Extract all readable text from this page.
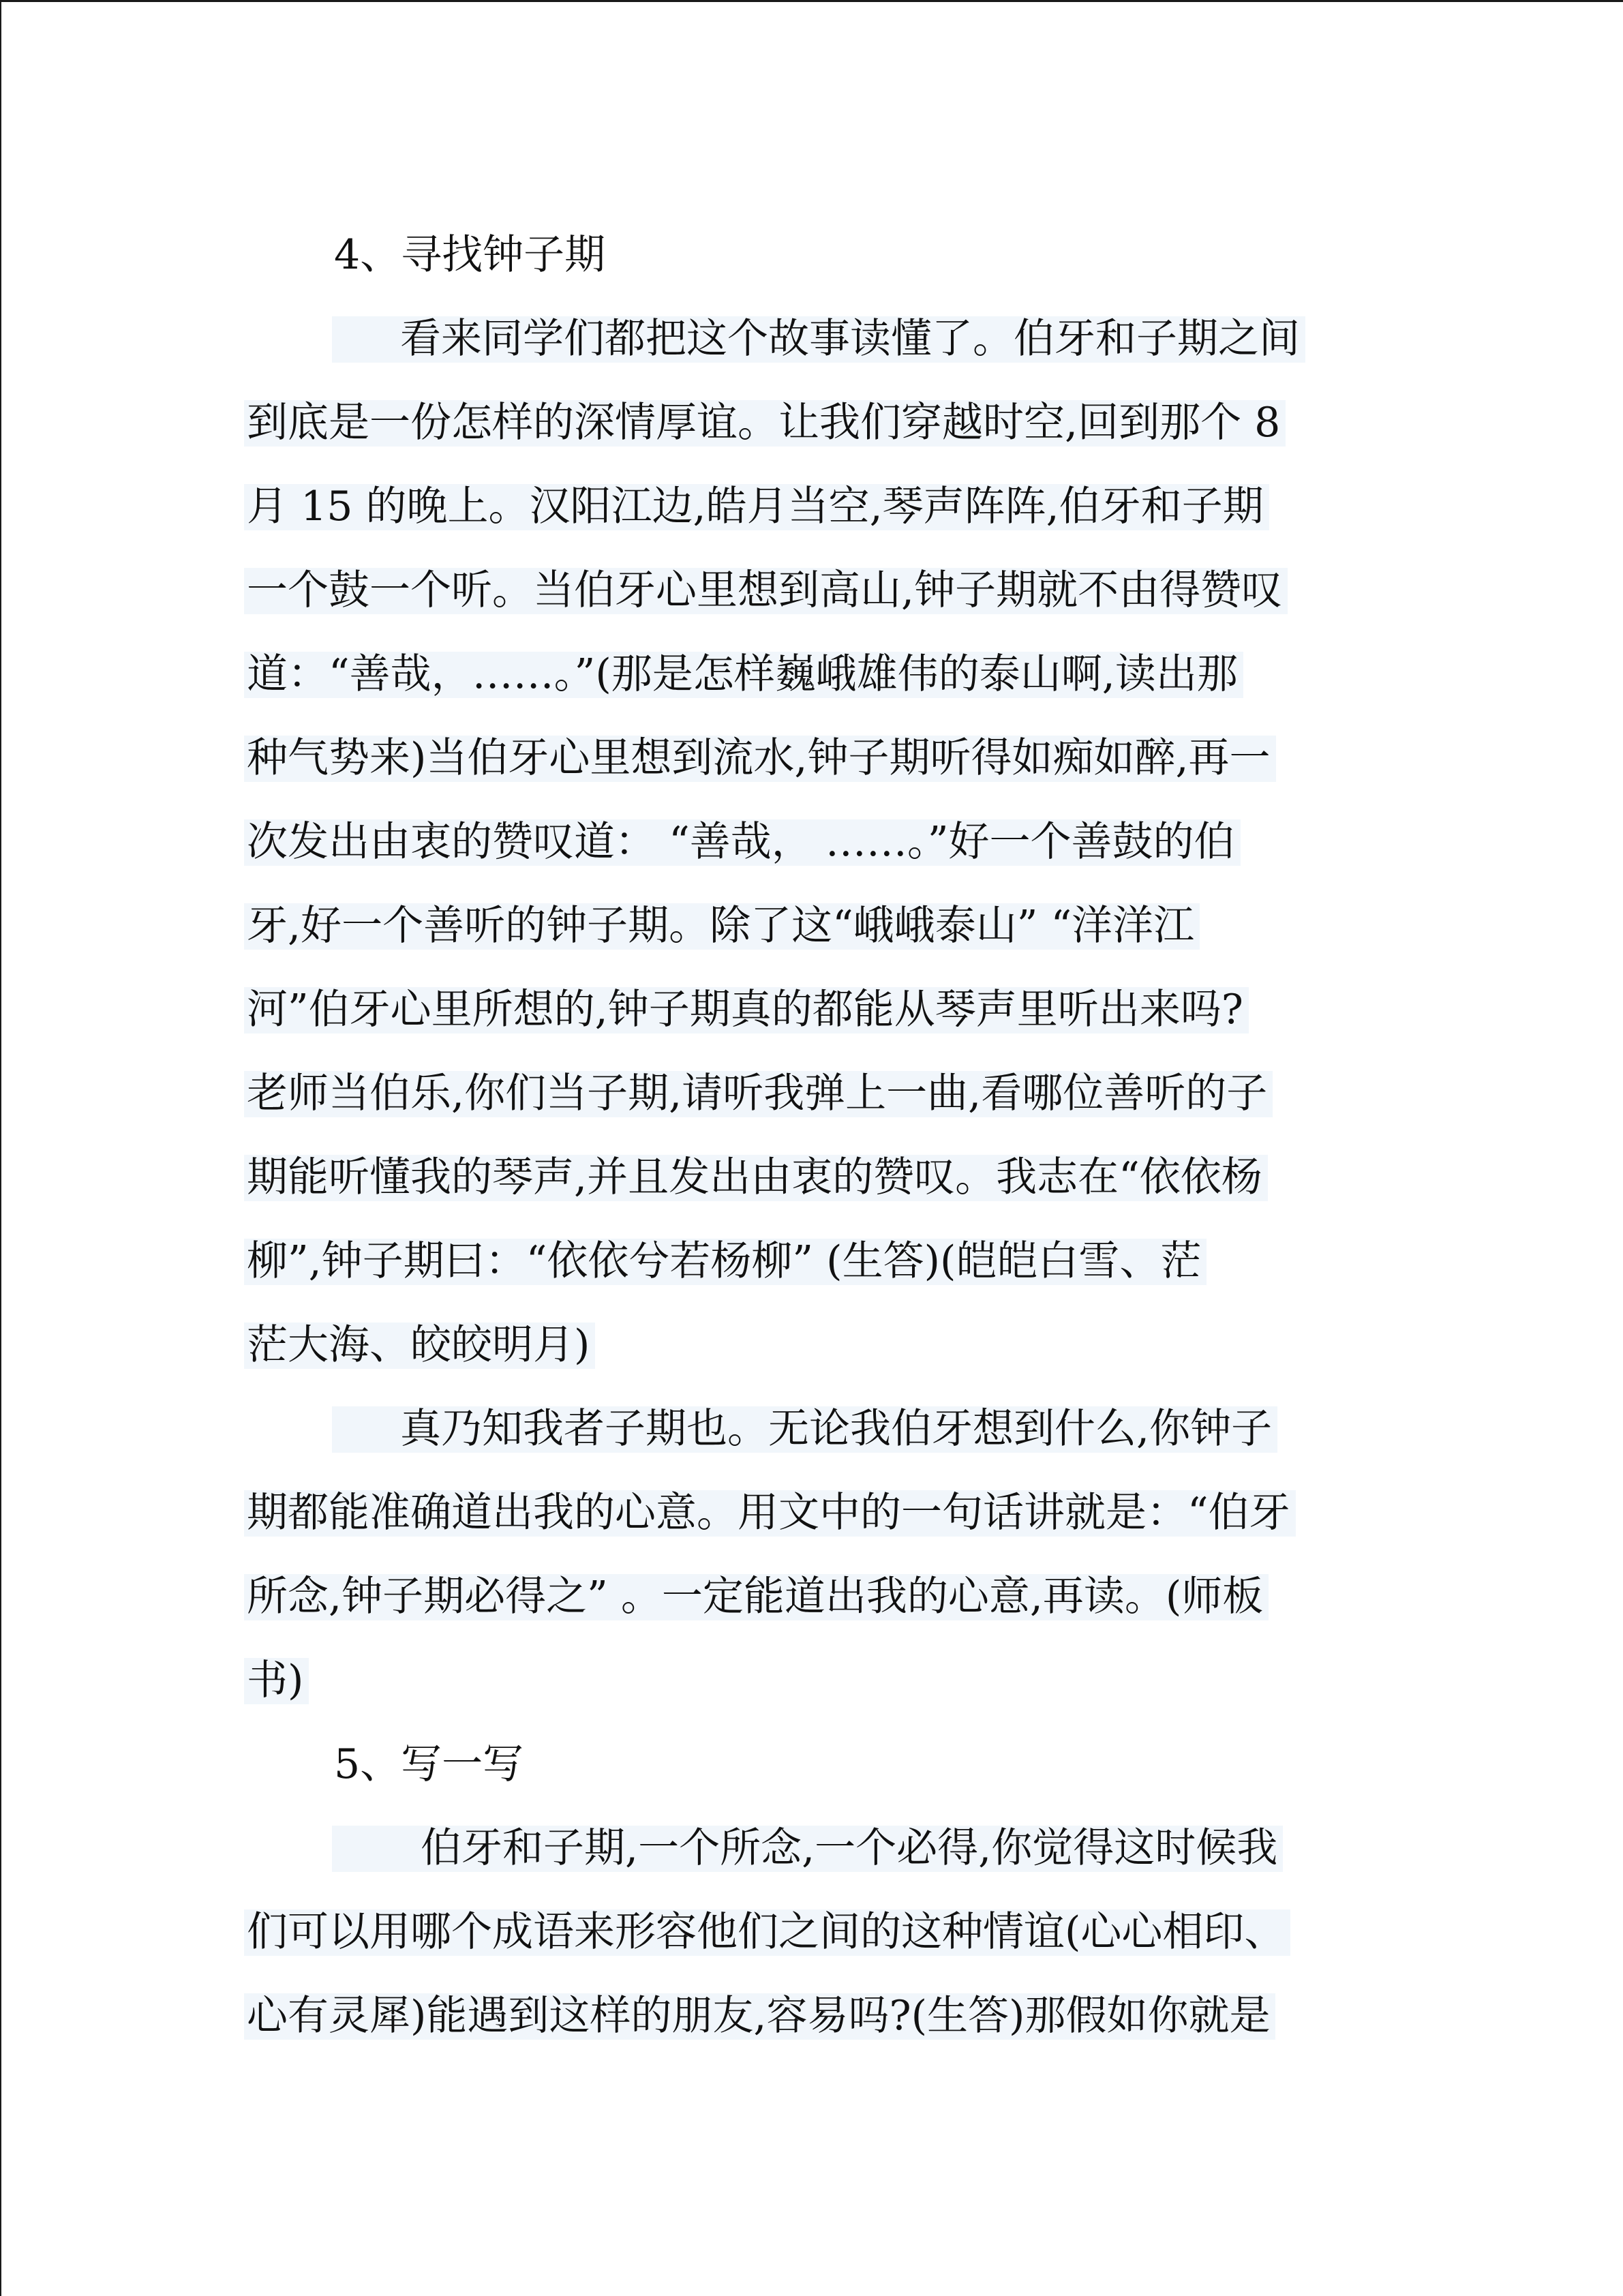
4、寻找钟子期
看来同学们都把这个故事读懂了。伯牙和子期之间
到底是一份怎样的深情厚谊。让我们穿越时空,回到那个 8
月 15 的晚上。汉阳江边,皓月当空,琴声阵阵,伯牙和子期
一个鼓一个听。当伯牙心里想到高山,钟子期就不由得赞叹
道：“善哉，……。”(那是怎样巍峨雄伟的泰山啊,读出那
种气势来)当伯牙心里想到流水,钟子期听得如痴如醉,再一
次发出由衷的赞叹道： “善哉， ……。”好一个善鼓的伯
牙,好一个善听的钟子期。除了这“峨峨泰山” “洋洋江
河”伯牙心里所想的,钟子期真的都能从琴声里听出来吗?
老师当伯乐,你们当子期,请听我弹上一曲,看哪位善听的子
期能听懂我的琴声,并且发出由衷的赞叹。我志在“依依杨
柳”,钟子期曰：“依依兮若杨柳” (生答)(皑皑白雪、茫
茫大海、皎皎明月)
真乃知我者子期也。无论我伯牙想到什么,你钟子
期都能准确道出我的心意。用文中的一句话讲就是：“伯牙
所念,钟子期必得之” 。一定能道出我的心意,再读。(师板
书)
5、写一写
伯牙和子期,一个所念,一个必得,你觉得这时候我
们可以用哪个成语来形容他们之间的这种情谊(心心相印、
心有灵犀)能遇到这样的朋友,容易吗?(生答)那假如你就是
